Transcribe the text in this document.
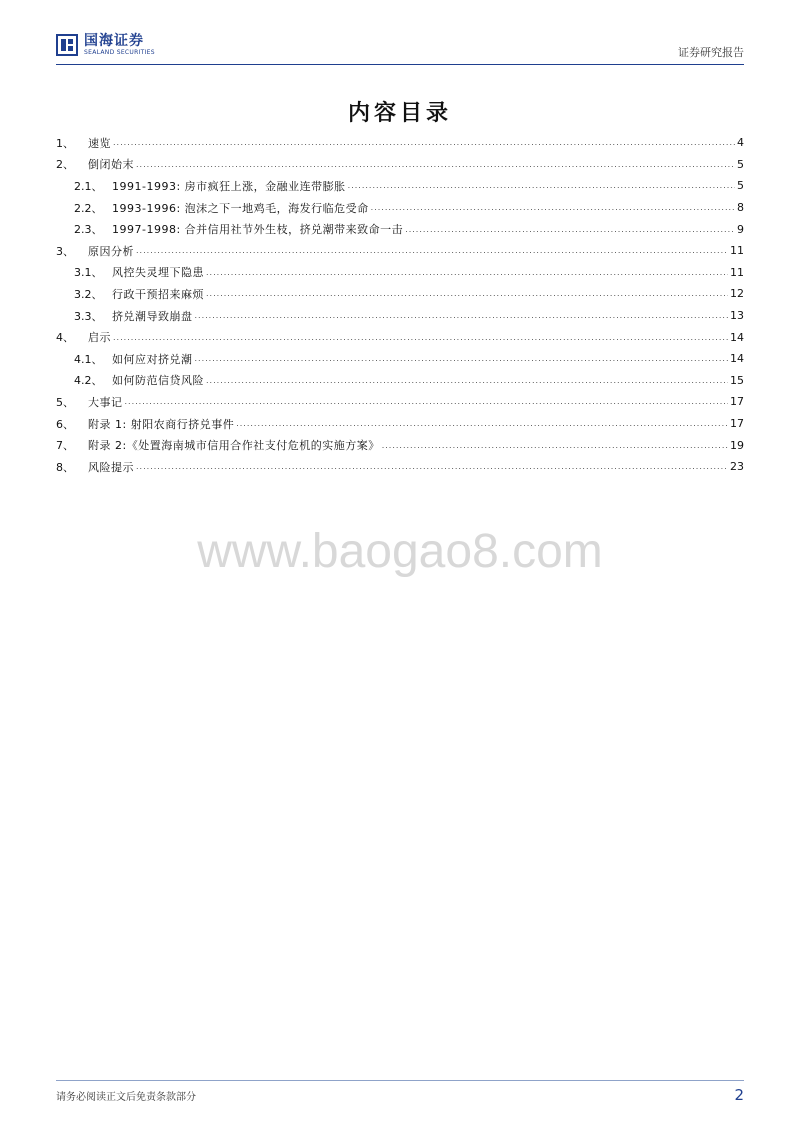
国海证券
SEALAND SECURITIES	证券研究报告
内容目录
1、	速览 .....	4
2、	倒闭始末 .....	5
2.1、 1991-1993: 房市疯狂上涨，金融业连带膨胀 .....	5
2.2、 1993-1996: 泡沫之下一地鸡毛，海发行临危受命 .....	8
2.3、 1997-1998: 合并信用社节外生枝，挤兑潮带来致命一击 .....	9
3、	原因分析 .....	11
3.1、 风控失灵埋下隐患 .....	11
3.2、 行政干预招来麻烦 .....	12
3.3、 挤兑潮导致崩盘 .....	13
4、	启示 .....	14
4.1、 如何应对挤兑潮 .....	14
4.2、 如何防范信贷风险 .....	15
5、	大事记 .....	17
6、	附录 1: 射阳农商行挤兑事件 .....	17
7、	附录 2:《处置海南城市信用合作社支付危机的实施方案》 .....	19
8、	风险提示 .....	23
www.baogao8.com
请务必阅读正文后免责条款部分	2
